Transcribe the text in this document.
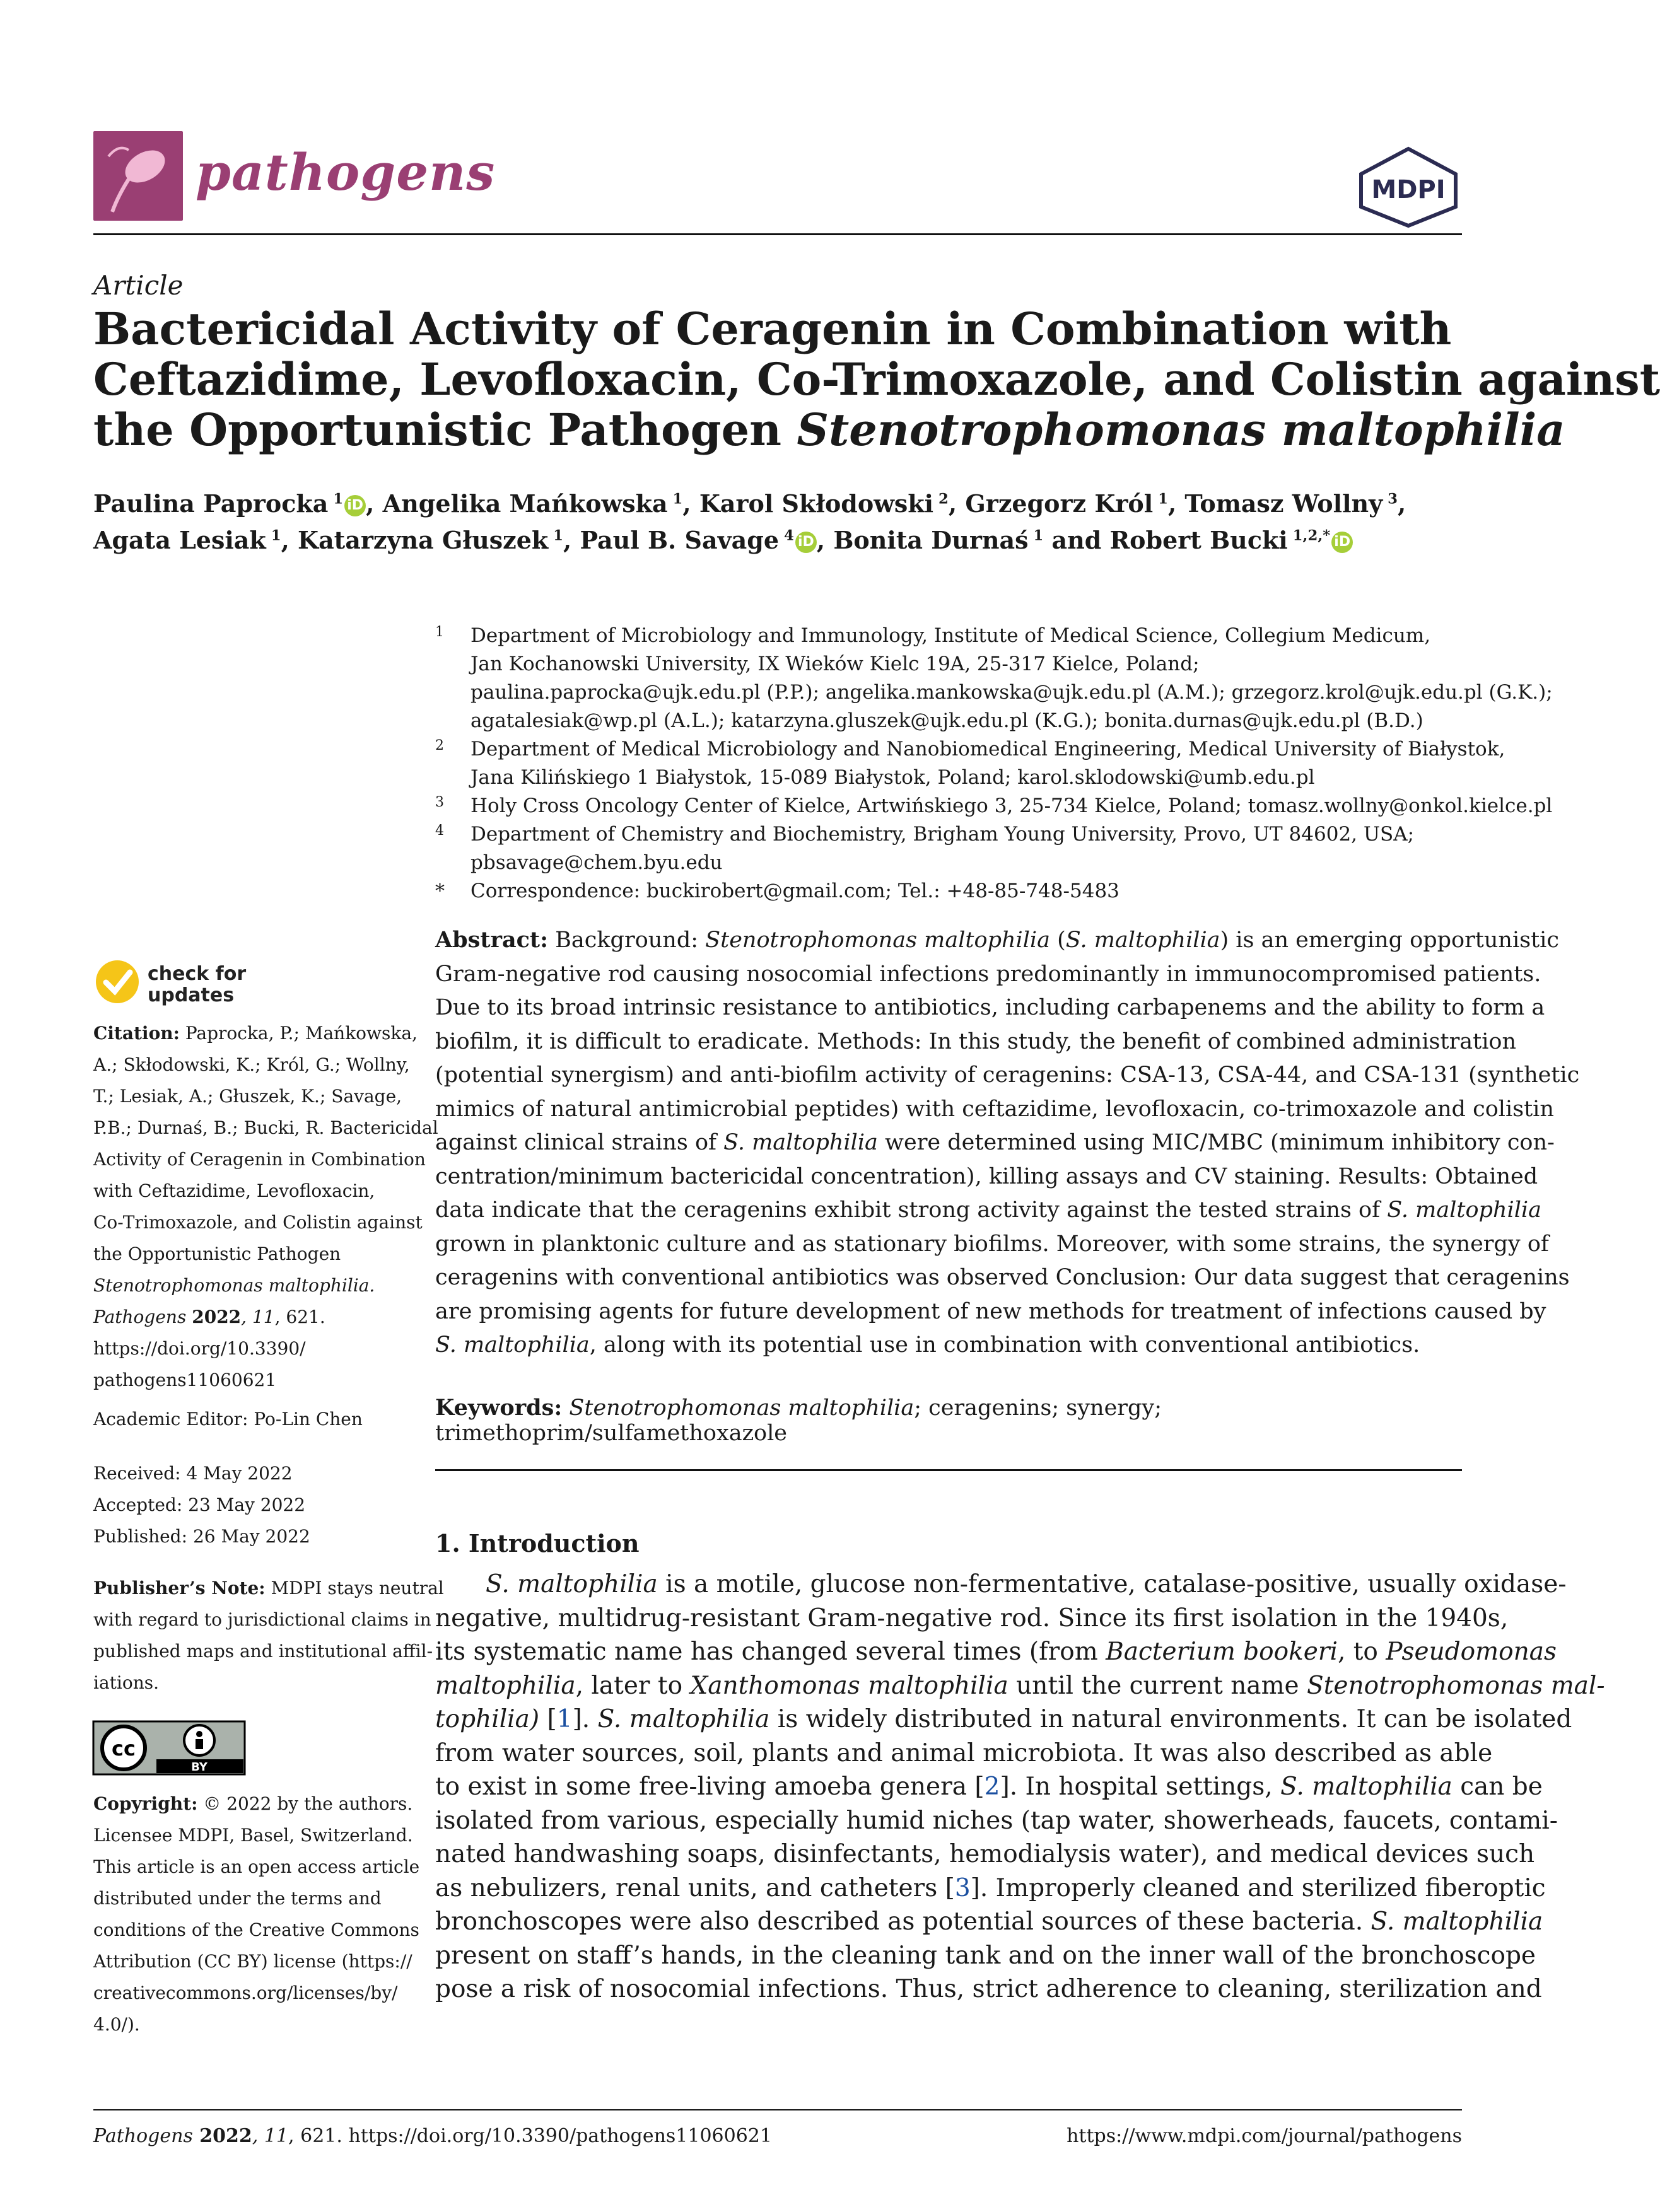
pathogens	MDPI
Article
Bactericidal Activity of Ceragenin in Combination with
Ceftazidime, Levofloxacin, Co-Trimoxazole, and Colistin against
the Opportunistic Pathogen Stenotrophomonas maltophilia
Paulina Paprocka $^1$ iD , Angelika Mańkowska $^1$, Karol Skłodowski $^2$, Grzegorz Król $^1$, Tomasz Wollny $^3$,
Agata Lesiak $^1$, Katarzyna Głuszek $^1$, Paul B. Savage $^4$ iD , Bonita Durnaś $^1$ and Robert Bucki $^{1,2,*}$ iD
1 Department of Microbiology and Immunology, Institute of Medical Science, Collegium Medicum,
Jan Kochanowski University, IX Wieków Kielc 19A, 25-317 Kielce, Poland;
paulina.paprocka@ujk.edu.pl (P.P.); angelika.mankowska@ujk.edu.pl (A.M.); grzegorz.krol@ujk.edu.pl (G.K.);
agatalesiak@wp.pl (A.L.); katarzyna.gluszek@ujk.edu.pl (K.G.); bonita.durnas@ujk.edu.pl (B.D.)
2 Department of Medical Microbiology and Nanobiomedical Engineering, Medical University of Białystok,
Jana Kilińskiego 1 Białystok, 15-089 Białystok, Poland; karol.sklodowski@umb.edu.pl
3 Holy Cross Oncology Center of Kielce, Artwińskiego 3, 25-734 Kielce, Poland; tomasz.wollny@onkol.kielce.pl
4 Department of Chemistry and Biochemistry, Brigham Young University, Provo, UT 84602, USA;
pbsavage@chem.byu.edu
* Correspondence: buckirobert@gmail.com; Tel.: +48-85-748-5483
check for
updates
Citation: Paprocka, P.; Mańkowska,
A.; Skłodowski, K.; Król, G.; Wollny,
T.; Lesiak, A.; Głuszek, K.; Savage,
P.B.; Durnaś, B.; Bucki, R. Bactericidal
Activity of Ceragenin in Combination
with Ceftazidime, Levofloxacin,
Co-Trimoxazole, and Colistin against
the Opportunistic Pathogen
Stenotrophomonas maltophilia.
Pathogens 2022, 11, 621.
https://doi.org/10.3390/
pathogens11060621
Academic Editor: Po-Lin Chen
Received: 4 May 2022
Accepted: 23 May 2022
Published: 26 May 2022
Publisher’s Note: MDPI stays neutral
with regard to jurisdictional claims in
published maps and institutional affil-
iations.
cc
BY
Copyright: © 2022 by the authors.
Licensee MDPI, Basel, Switzerland.
This article is an open access article
distributed under the terms and
conditions of the Creative Commons
Attribution (CC BY) license (https://
creativecommons.org/licenses/by/
4.0/).
Abstract: Background: Stenotrophomonas maltophilia (S. maltophilia) is an emerging opportunistic
Gram-negative rod causing nosocomial infections predominantly in immunocompromised patients.
Due to its broad intrinsic resistance to antibiotics, including carbapenems and the ability to form a
biofilm, it is difficult to eradicate. Methods: In this study, the benefit of combined administration
(potential synergism) and anti-biofilm activity of ceragenins: CSA-13, CSA-44, and CSA-131 (synthetic
mimics of natural antimicrobial peptides) with ceftazidime, levofloxacin, co-trimoxazole and colistin
against clinical strains of S. maltophilia were determined using MIC/MBC (minimum inhibitory con-
centration/minimum bactericidal concentration), killing assays and CV staining. Results: Obtained
data indicate that the ceragenins exhibit strong activity against the tested strains of S. maltophilia
grown in planktonic culture and as stationary biofilms. Moreover, with some strains, the synergy of
ceragenins with conventional antibiotics was observed Conclusion: Our data suggest that ceragenins
are promising agents for future development of new methods for treatment of infections caused by
S. maltophilia, along with its potential use in combination with conventional antibiotics.
Keywords: Stenotrophomonas maltophilia; ceragenins; synergy; trimethoprim/sulfamethoxazole
1. Introduction
S. maltophilia is a motile, glucose non-fermentative, catalase-positive, usually oxidase-
negative, multidrug-resistant Gram-negative rod. Since its first isolation in the 1940s,
its systematic name has changed several times (from Bacterium bookeri, to Pseudomonas
maltophilia, later to Xanthomonas maltophilia until the current name Stenotrophomonas mal-
tophilia) [1]. S. maltophilia is widely distributed in natural environments. It can be isolated
from water sources, soil, plants and animal microbiota. It was also described as able
to exist in some free-living amoeba genera [2]. In hospital settings, S. maltophilia can be
isolated from various, especially humid niches (tap water, showerheads, faucets, contami-
nated handwashing soaps, disinfectants, hemodialysis water), and medical devices such
as nebulizers, renal units, and catheters [3]. Improperly cleaned and sterilized fiberoptic
bronchoscopes were also described as potential sources of these bacteria. S. maltophilia
present on staff’s hands, in the cleaning tank and on the inner wall of the bronchoscope
pose a risk of nosocomial infections. Thus, strict adherence to cleaning, sterilization and
Pathogens 2022, 11, 621. https://doi.org/10.3390/pathogens11060621	https://www.mdpi.com/journal/pathogens
